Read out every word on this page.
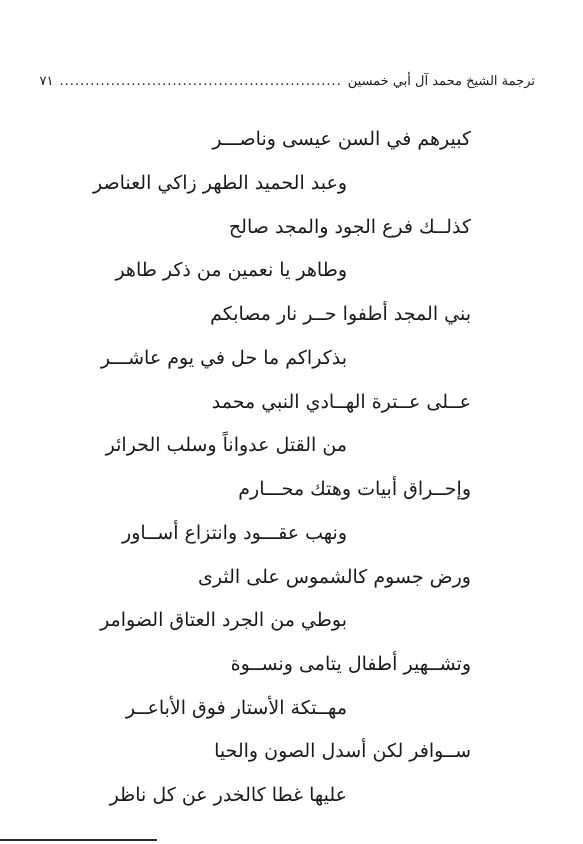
ترجمة الشيخ محمد آل أبي خمسين
.......................................................
٧١
كبيرهم في السن عيسى وناصـــر
وعبد الحميد الطهر زاكي العناصر
كذلــك فرع الجود والمجد صالح
وطاهر يا نعمين من ذكر طاهر
بني المجد أطفوا حــر نار مصابكم
بذكراكم ما حل في يوم عاشـــر
عــلى عــترة الهــادي النبي محمد
من القتل عدواناً وسلب الحرائر
وإحــراق أبيات وهتك محـــارم
ونهب عقـــود وانتزاع أســاور
ورض جسوم كالشموس على الثرى
بوطي من الجرد العتاق الضوامر
وتشــهير أطفال يتامى ونســوة
مهــتكة الأستار فوق الأباعــر
ســوافر لكن أسدل الصون والحيا
عليها غطا كالخدر عن كل ناظر
